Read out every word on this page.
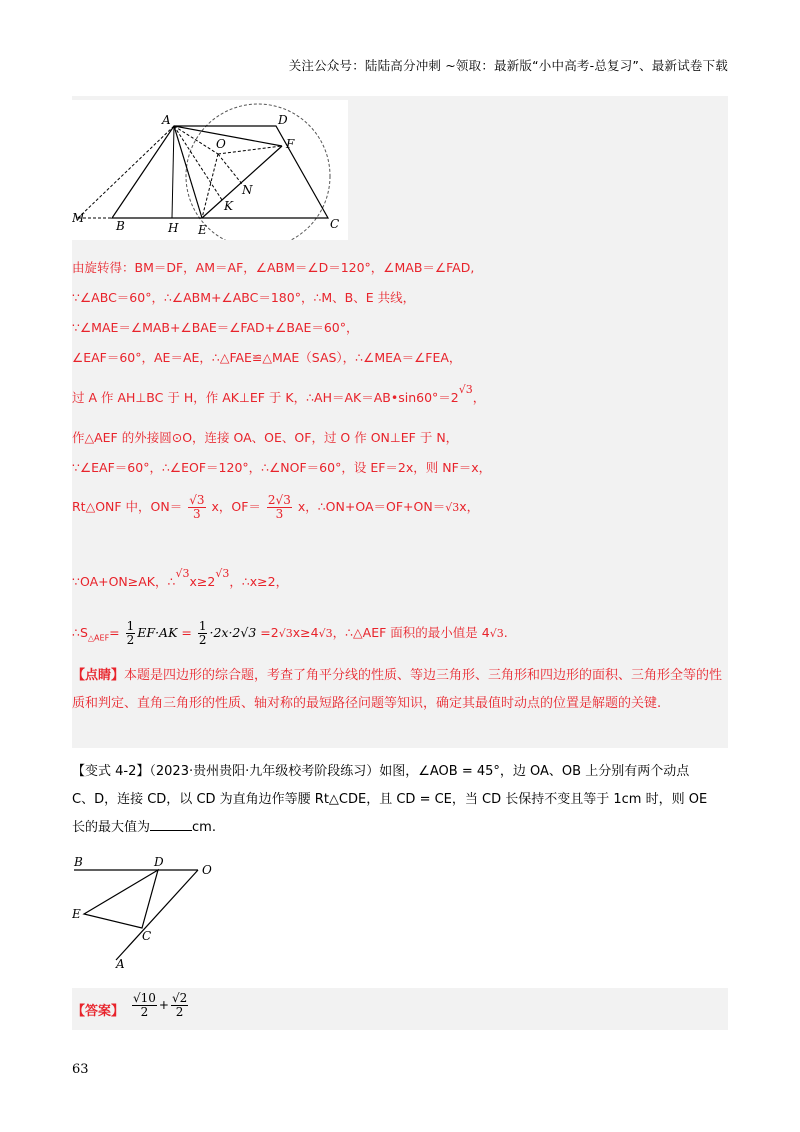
关注公众号：陆陆高分冲刺 ~领取：最新版“小中高考-总复习”、最新试卷下载
A	D
O	F
N
K
M
B	H E	C
由旋转得：BM＝DF，AM＝AF，∠ABM＝∠D＝120°，∠MAB＝∠FAD,
∵∠ABC＝60°，∴∠ABM+∠ABC＝180°，∴M、B、E 共线，
∵∠MAE＝∠MAB+∠BAE＝∠FAD+∠BAE＝60°，
∠EAF＝60°，AE＝AE，∴△FAE≌△MAE（SAS），∴∠MEA＝∠FEA，
过 A 作 AH⊥BC 于 H，作 AK⊥EF 于 K，∴AH＝AK＝AB•sin60°＝2√3，
作△AEF 的外接圆⊙O，连接 OA、OE、OF，过 O 作 ON⊥EF 于 N，
∵∠EAF＝60°，∴∠EOF＝120°，∴∠NOF＝60°，设 EF＝2x，则 NF＝x，
Rt△ONF 中，$ON= \frac{√3}{3}$ x，$OF= \frac{2√3}{3}$ x，∴ON+OA＝OF+ON＝√3x，
∵OA+ON≥AK，∴√3x≥2√3，∴x≥2，
$\therefore S_{\triangle AEF}= \frac{1}{2} EF\cdot AK = \frac{1}{2} \cdot 2x\cdot 2√3 =2√3x\ge 4√3$，∴△AEF 面积的最小值是 4√3.
【点睛】本题是四边形的综合题，考查了角平分线的性质、等边三角形、三角形和四边形的面积、三角形全等的性质和判定、直角三角形的性质、轴对称的最短路径问题等知识，确定其最值时动点的位置是解题的关键.
【变式 4-2】（2023·贵州贵阳·九年级校考阶段练习）如图，∠AOB = 45°，边 OA、OB 上分别有两个动点
C、D，连接 CD，以 CD 为直角边作等腰 Rt△CDE，且 CD = CE，当 CD 长保持不变且等于 1cm 时，则 OE
长的最大值为	cm.
B	D
O
E
C
A
【答案】 $\frac{√10}{2} + \frac{√2}{2}$
63
